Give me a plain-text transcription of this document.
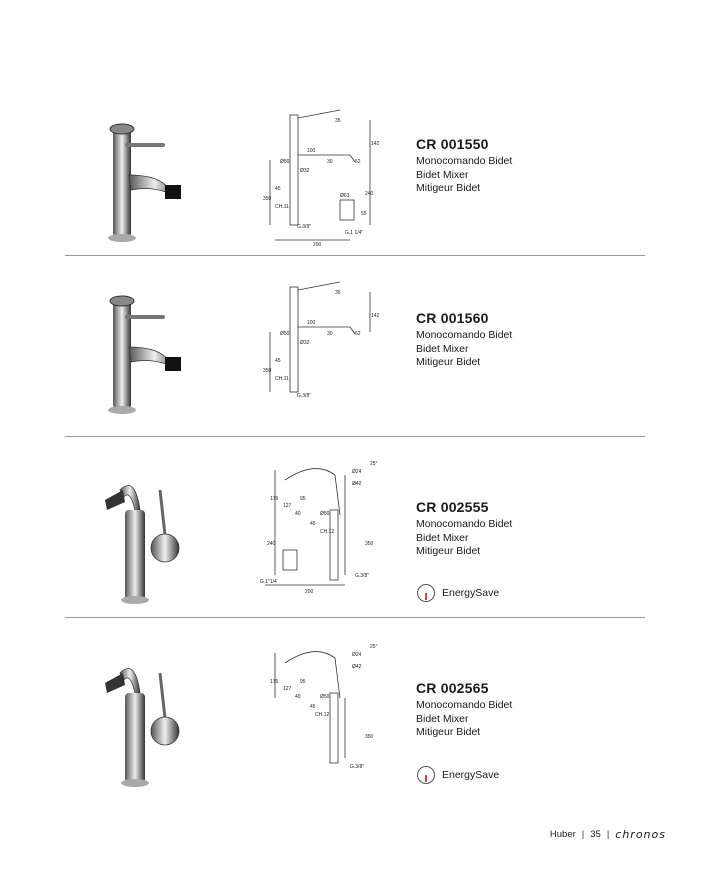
100
Ø50
Ø32
45
350
CH.11
240
Ø63
G.3/8"
G.1 1/4"
200
142
62
55
35
30
CR 001550
Monocomando Bidet
Bidet Mixer
Mitigeur Bidet
100
Ø50
Ø32
45
350
CH.11
G.3/8"
142
62
35
30
CR 001560
Monocomando Bidet
Bidet Mixer
Mitigeur Bidet
25°
Ø24
Ø42
175
127
95
40	Ø50
45
CH.12
240	350
G.1"1/4
200
G.3/8"
CR 002555
Monocomando Bidet
Bidet Mixer
Mitigeur Bidet
EnergySave
25°
Ø24
Ø42
175
127
95
40	Ø50
45
CH.12
350
G.3/8"
CR 002565
Monocomando Bidet
Bidet Mixer
Mitigeur Bidet
EnergySave
Huber | 35 | chronos
